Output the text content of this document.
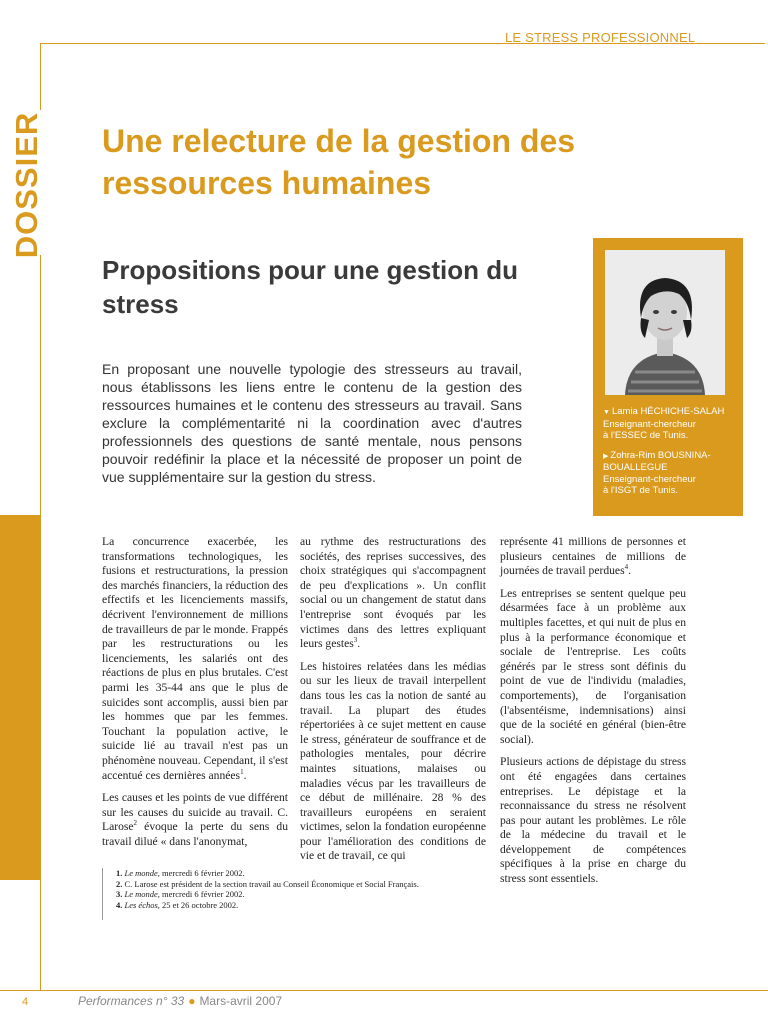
LE STRESS PROFESSIONNEL
DOSSIER Une relecture de la gestion des ressources humaines
Propositions pour une gestion du stress

En proposant une nouvelle typologie des stresseurs au travail, nous établissons les liens entre le contenu de la gestion des ressources humaines et le contenu des stresseurs au travail. Sans exclure la complémentarité ni la coordination avec d'autres professionnels des questions de santé mentale, nous pensons pouvoir redéfinir la place et la nécessité de proposer un point de vue supplémentaire sur la gestion du stress.

▼ Lamia HÉCHICHE-SALAH
Enseignant-chercheur
à l'ESSEC de Tunis.
▶ Zohra-Rim BOUSNINA-BOUALLEGUE
Enseignant-chercheur
à l'ISGT de Tunis.

La concurrence exacerbée, les transformations technologiques, les fusions et restructurations, la pression des marchés financiers, la réduction des effectifs et les licenciements massifs, décrivent l'environnement de millions de travailleurs de par le monde. Frappés par les restructurations ou les licenciements, les salariés ont des réactions de plus en plus brutales. C'est parmi les 35-44 ans que le plus de suicides sont accomplis, aussi bien par les hommes que par les femmes. Touchant la population active, le suicide lié au travail n'est pas un phénomène nouveau. Cependant, il s'est accentué ces dernières années$^1$.

Les causes et les points de vue différent sur les causes du suicide au travail. C. Larose$^2$ évoque la perte du sens du travail dilué « dans l'anonymat,

au rythme des restructurations des sociétés, des reprises successives, des choix stratégiques qui s'accompagnent de peu d'explications ». Un conflit social ou un changement de statut dans l'entreprise sont évoqués par les victimes dans des lettres expliquant leurs gestes$^3$.

Les histoires relatées dans les médias ou sur les lieux de travail interpellent dans tous les cas la notion de santé au travail. La plupart des études répertoriées à ce sujet mettent en cause le stress, générateur de souffrance et de pathologies mentales, pour décrire maintes situations, malaises ou maladies vécus par les travailleurs de ce début de millénaire. 28 % des travailleurs européens en seraient victimes, selon la fondation européenne pour l'amélioration des conditions de vie et de travail, ce qui

représente 41 millions de personnes et plusieurs centaines de millions de journées de travail perdues$^4$.

Les entreprises se sentent quelque peu désarmées face à un problème aux multiples facettes, et qui nuit de plus en plus à la performance économique et sociale de l'entreprise. Les coûts générés par le stress sont définis du point de vue de l'individu (maladies, comportements), de l'organisation (l'absentéisme, indemnisations) ainsi que de la société en général (bien-être social).

Plusieurs actions de dépistage du stress ont été engagées dans certaines entreprises. Le dépistage et la reconnaissance du stress ne résolvent pas pour autant les problèmes. Le rôle de la médecine du travail et le développement de compétences spécifiques à la prise en charge du stress sont essentiels.

1. Le monde, mercredi 6 février 2002.
2. C. Larose est président de la section travail au Conseil Économique et Social Français.
3. Le monde, mercredi 6 février 2002.
4. Les échos, 25 et 26 octobre 2002.
4	Performances n° 33 ● Mars-avril 2007
